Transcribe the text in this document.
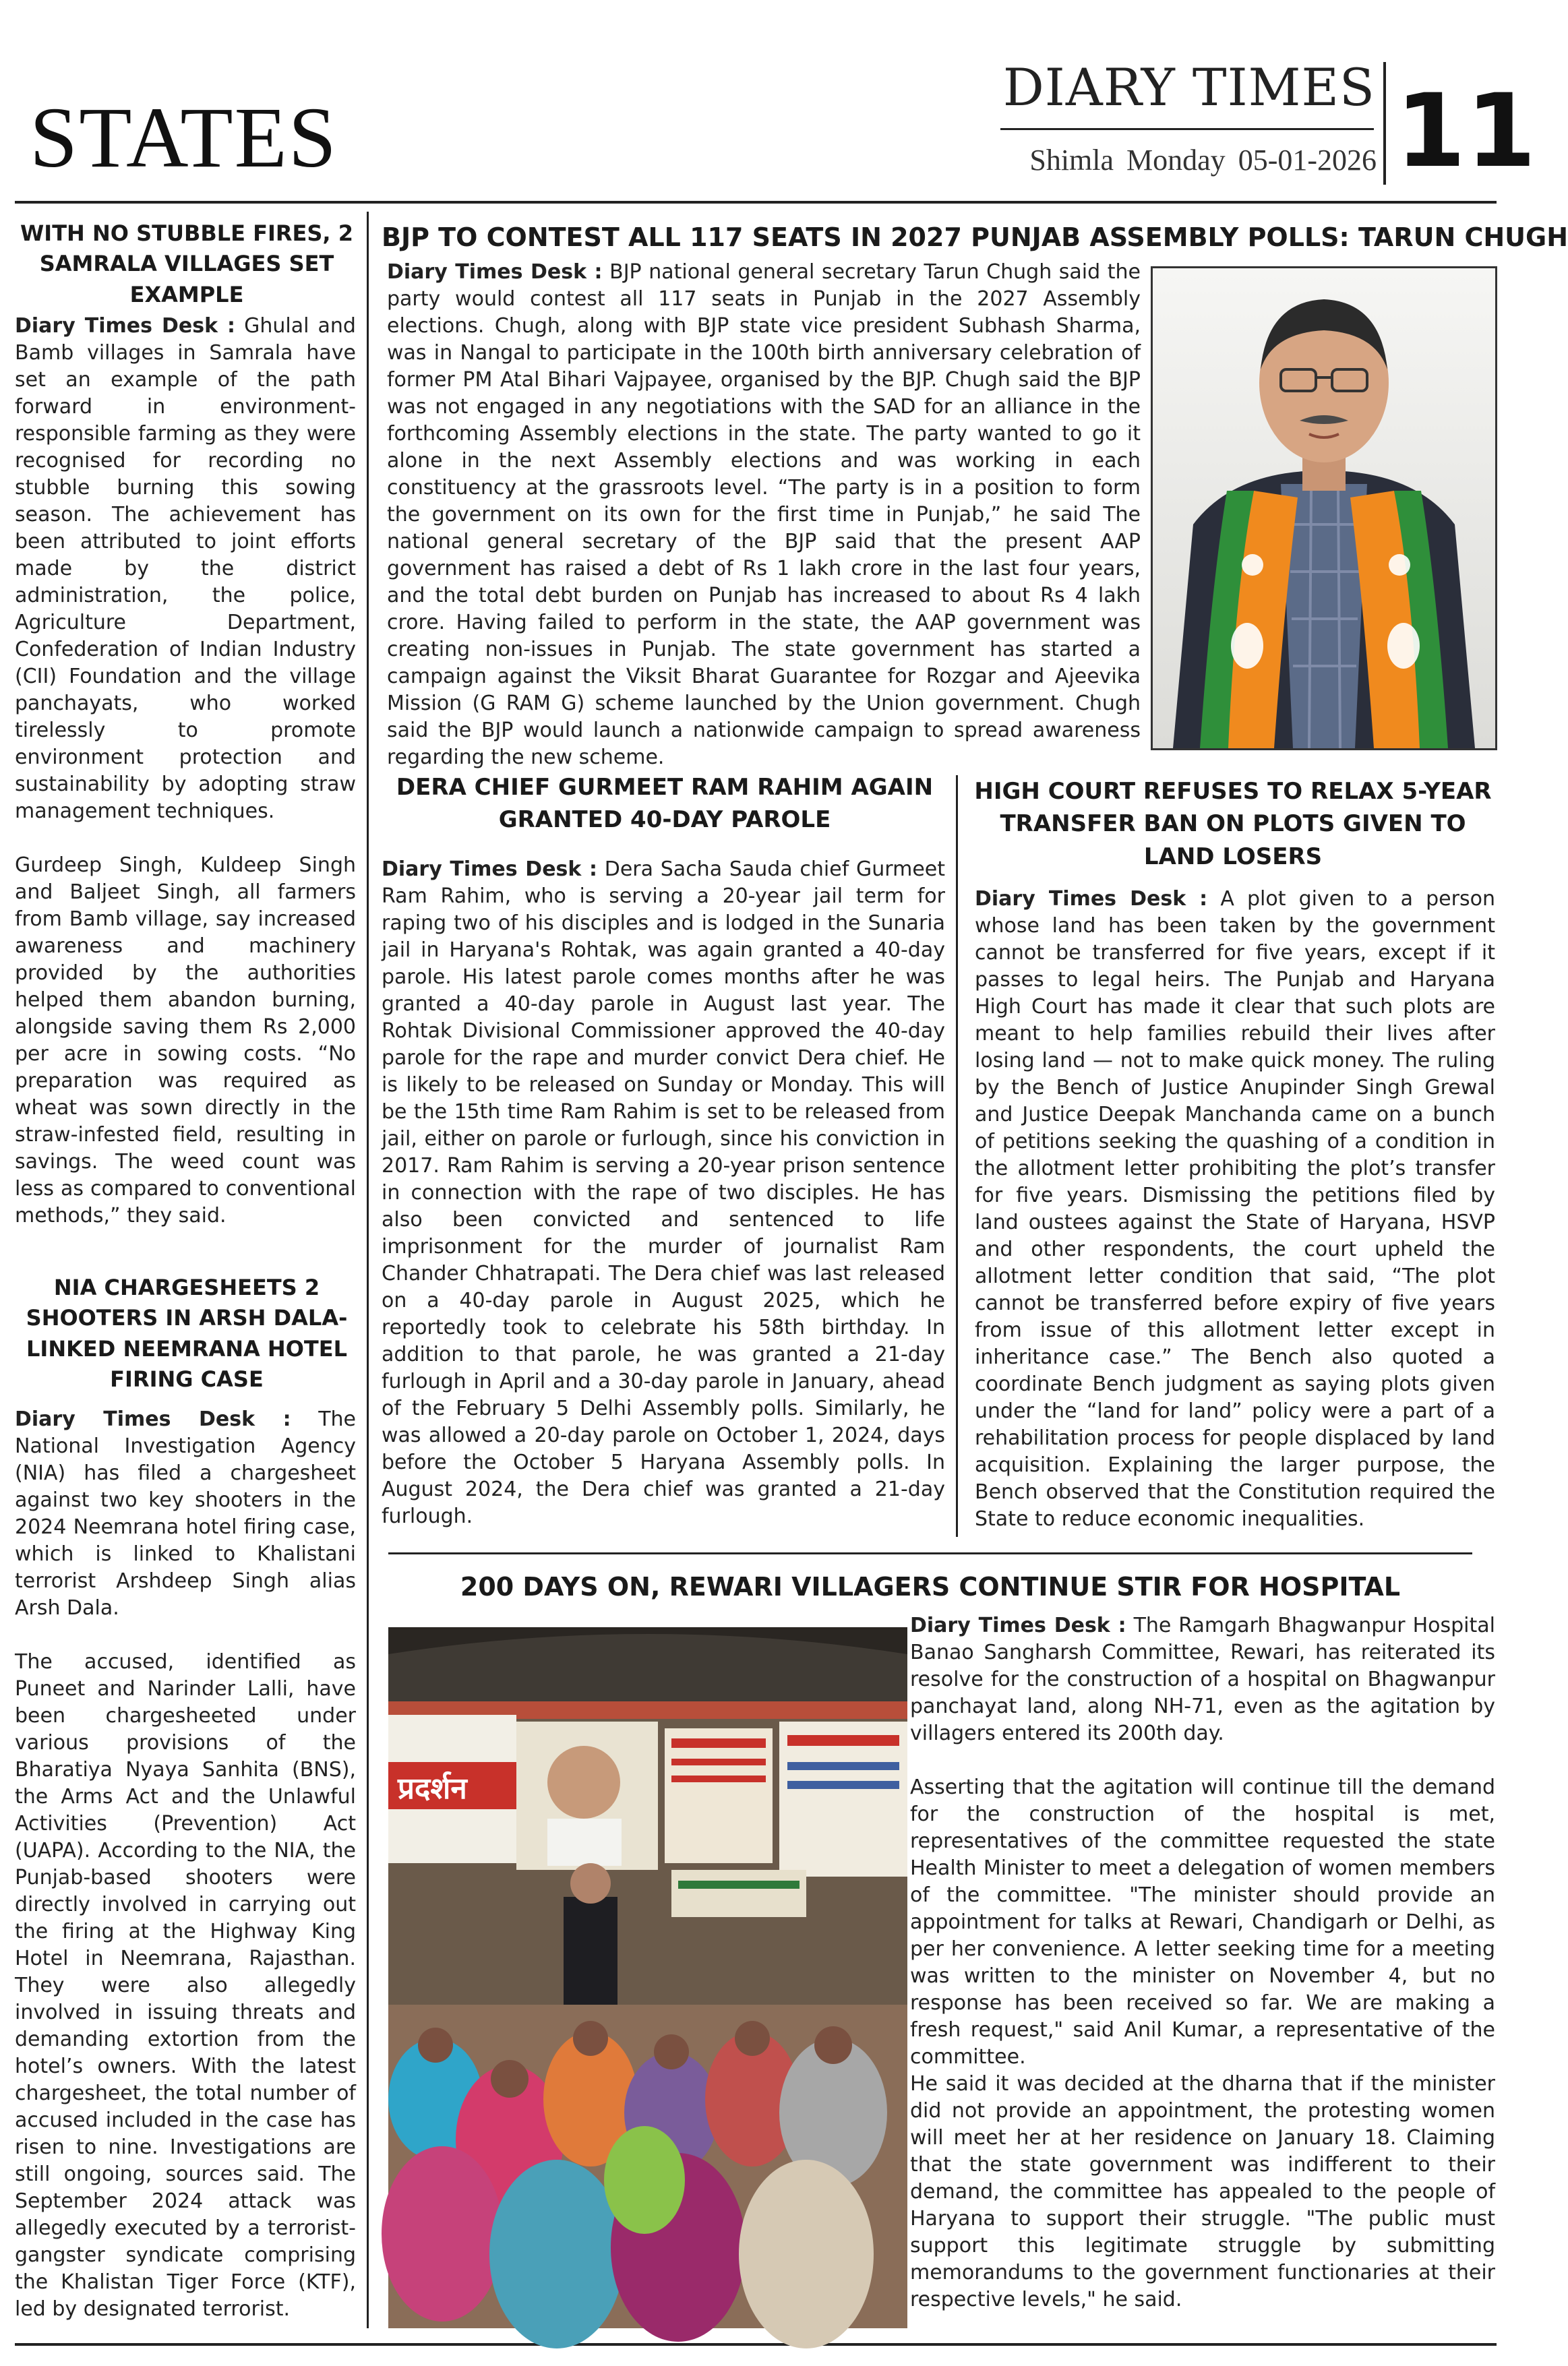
STATES
DIARY TIMES
Shimla Monday 05-01-2026 11
WITH NO STUBBLE FIRES, 2 SAMRALA VILLAGES SET EXAMPLE

Diary Times Desk : Ghulal and Bamb villages in Samrala have set an example of the path forward in environment-responsible farming as they were recognised for recording no stubble burning this sowing season. The achievement has been attributed to joint efforts made by the district administration, the police, Agriculture Department, Confederation of Indian Industry (CII) Foundation and the village panchayats, who worked tirelessly to promote environment protection and sustainability by adopting straw management techniques.

Gurdeep Singh, Kuldeep Singh and Baljeet Singh, all farmers from Bamb village, say increased awareness and machinery provided by the authorities helped them abandon burning, alongside saving them Rs 2,000 per acre in sowing costs. “No preparation was required as wheat was sown directly in the straw-infested field, resulting in savings. The weed count was less as compared to conventional methods,” they said.

NIA CHARGESHEETS 2 SHOOTERS IN ARSH DALA-LINKED NEEMRANA HOTEL FIRING CASE

Diary Times Desk : The National Investigation Agency (NIA) has filed a chargesheet against two key shooters in the 2024 Neemrana hotel firing case, which is linked to Khalistani terrorist Arshdeep Singh alias Arsh Dala.

The accused, identified as Puneet and Narinder Lalli, have been chargesheeted under various provisions of the Bharatiya Nyaya Sanhita (BNS), the Arms Act and the Unlawful Activities (Prevention) Act (UAPA). According to the NIA, the Punjab-based shooters were directly involved in carrying out the firing at the Highway King Hotel in Neemrana, Rajasthan. They were also allegedly involved in issuing threats and demanding extortion from the hotel’s owners. With the latest chargesheet, the total number of accused included in the case has risen to nine. Investigations are still ongoing, sources said. The September 2024 attack was allegedly executed by a terrorist-gangster syndicate comprising the Khalistan Tiger Force (KTF), led by designated terrorist.

BJP TO CONTEST ALL 117 SEATS IN 2027 PUNJAB ASSEMBLY POLLS: TARUN CHUGH

Diary Times Desk : BJP national general secretary Tarun Chugh said the party would contest all 117 seats in Punjab in the 2027 Assembly elections. Chugh, along with BJP state vice president Subhash Sharma, was in Nangal to participate in the 100th birth anniversary celebration of former PM Atal Bihari Vajpayee, organised by the BJP. Chugh said the BJP was not engaged in any negotiations with the SAD for an alliance in the forthcoming Assembly elections in the state. The party wanted to go it alone in the next Assembly elections and was working in each constituency at the grassroots level. “The party is in a position to form the government on its own for the first time in Punjab,” he said The national general secretary of the BJP said that the present AAP government has raised a debt of Rs 1 lakh crore in the last four years, and the total debt burden on Punjab has increased to about Rs 4 lakh crore. Having failed to perform in the state, the AAP government was creating non-issues in Punjab. The state government has started a campaign against the Viksit Bharat Guarantee for Rozgar and Ajeevika Mission (G RAM G) scheme launched by the Union government. Chugh said the BJP would launch a nationwide campaign to spread awareness regarding the new scheme.

DERA CHIEF GURMEET RAM RAHIM AGAIN GRANTED 40-DAY PAROLE

Diary Times Desk : Dera Sacha Sauda chief Gurmeet Ram Rahim, who is serving a 20-year jail term for raping two of his disciples and is lodged in the Sunaria jail in Haryana's Rohtak, was again granted a 40-day parole. His latest parole comes months after he was granted a 40-day parole in August last year. The Rohtak Divisional Commissioner approved the 40-day parole for the rape and murder convict Dera chief. He is likely to be released on Sunday or Monday. This will be the 15th time Ram Rahim is set to be released from jail, either on parole or furlough, since his conviction in 2017. Ram Rahim is serving a 20-year prison sentence in connection with the rape of two disciples. He has also been convicted and sentenced to life imprisonment for the murder of journalist Ram Chander Chhatrapati. The Dera chief was last released on a 40-day parole in August 2025, which he reportedly took to celebrate his 58th birthday. In addition to that parole, he was granted a 21-day furlough in April and a 30-day parole in January, ahead of the February 5 Delhi Assembly polls. Similarly, he was allowed a 20-day parole on October 1, 2024, days before the October 5 Haryana Assembly polls. In August 2024, the Dera chief was granted a 21-day furlough.

HIGH COURT REFUSES TO RELAX 5-YEAR TRANSFER BAN ON PLOTS GIVEN TO LAND LOSERS

Diary Times Desk : A plot given to a person whose land has been taken by the government cannot be transferred for five years, except if it passes to legal heirs. The Punjab and Haryana High Court has made it clear that such plots are meant to help families rebuild their lives after losing land — not to make quick money. The ruling by the Bench of Justice Anupinder Singh Grewal and Justice Deepak Manchanda came on a bunch of petitions seeking the quashing of a condition in the allotment letter prohibiting the plot’s transfer for five years. Dismissing the petitions filed by land oustees against the State of Haryana, HSVP and other respondents, the court upheld the allotment letter condition that said, “The plot cannot be transferred before expiry of five years from issue of this allotment letter except in inheritance case.” The Bench also quoted a coordinate Bench judgment as saying plots given under the “land for land” policy were a part of a rehabilitation process for people displaced by land acquisition. Explaining the larger purpose, the Bench observed that the Constitution required the State to reduce economic inequalities.

200 DAYS ON, REWARI VILLAGERS CONTINUE STIR FOR HOSPITAL
प्रदर्शन

Diary Times Desk : The Ramgarh Bhagwanpur Hospital Banao Sangharsh Committee, Rewari, has reiterated its resolve for the construction of a hospital on Bhagwanpur panchayat land, along NH-71, even as the agitation by villagers entered its 200th day.

Asserting that the agitation will continue till the demand for the construction of the hospital is met, representatives of the committee requested the state Health Minister to meet a delegation of women members of the committee. "The minister should provide an appointment for talks at Rewari, Chandigarh or Delhi, as per her convenience. A letter seeking time for a meeting was written to the minister on November 4, but no response has been received so far. We are making a fresh request," said Anil Kumar, a representative of the committee.

He said it was decided at the dharna that if the minister did not provide an appointment, the protesting women will meet her at her residence on January 18. Claiming that the state government was indifferent to their demand, the committee has appealed to the people of Haryana to support their struggle. "The public must support this legitimate struggle by submitting memorandums to the government functionaries at their respective levels," he said.
